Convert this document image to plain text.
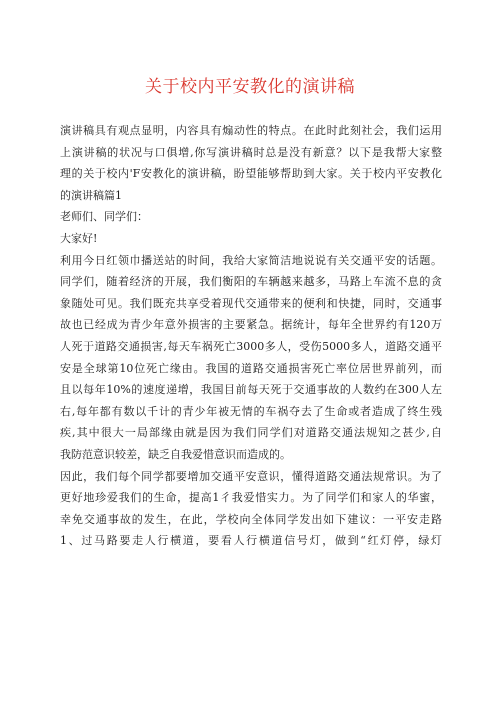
关于校内平安教化的演讲稿
演讲稿具有观点显明，内容具有煽动性的特点。在此时此刻社会，我们运用
上演讲稿的状况与口俱增,你写演讲稿时总是没有新意？以下是我帮大家整
理的关于校内'F安教化的演讲稿，盼望能够帮助到大家。关于校内平安教化
的演讲稿篇1
老师们、同学们：
大家好!
利用今日红领巾播送站的时间，我给大家简洁地说说有关交通平安的话题。
同学们，随着经济的开展，我们衡阳的车辆越来越多，马路上车流不息的贪
象随处可见。我们既充共享受着现代交通带来的便利和快捷，同时，交通事
故也已经成为青少年意外损害的主要紧急。据统计，每年全世界约有120万
人死于道路交通损害,每天车祸死亡3000多人，受伤5000多人，道路交通平
安是全球第10位死亡缘由。我国的道路交通损害死亡率位居世界前列，而
且以每年10%的速度递增，我国目前每天死于交通事故的人数约在300人左
右,每年都有数以千计的青少年被无情的车祸夺去了生命或者造成了终生残
疾,其中很大一局部缘由就是因为我们同学们对道路交通法规知之甚少,自
我防范意识较差，缺乏自我爱惜意识而造成的。
因此，我们每个同学都要增加交通平安意识，懂得道路交通法规常识。为了
更好地珍爱我们的生命，提高1彳我爱惜实力。为了同学们和家人的华蜜，
幸免交通事故的发生，在此，学校向全体同学发出如下建议：一平安走路
1、过马路要走人行横道，要看人行横道信号灯，做到“红灯停，绿灯
